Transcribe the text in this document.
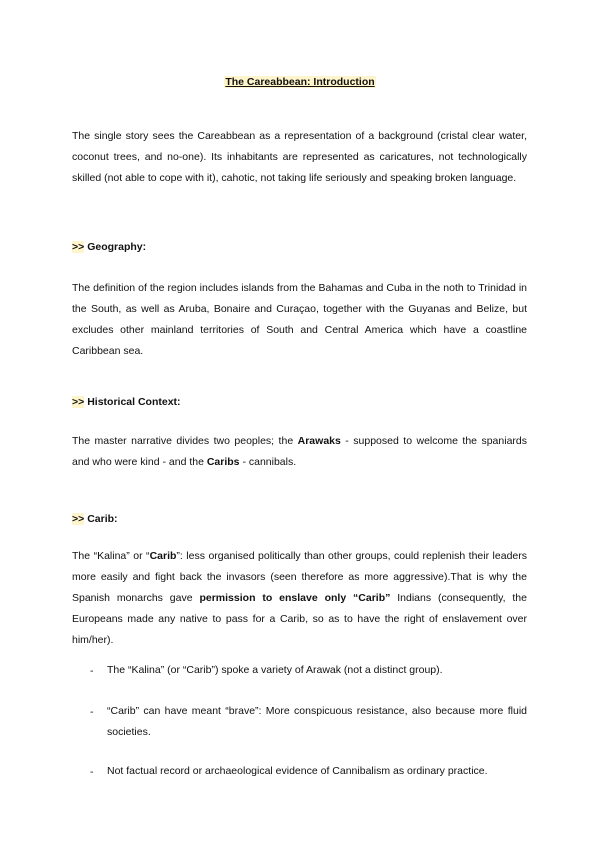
The Careabbean: Introduction
The single story sees the Careabbean as a representation of a background (cristal clear water, coconut trees, and no-one). Its inhabitants are represented as caricatures, not technologically skilled (not able to cope with it), cahotic, not taking life seriously and speaking broken language.
>> Geography:
The definition of the region includes islands from the Bahamas and Cuba in the noth to Trinidad in the South, as well as Aruba, Bonaire and Curaçao, together with the Guyanas and Belize, but excludes other mainland territories of South and Central America which have a coastline Caribbean sea.
>> Historical Context:
The master narrative divides two peoples; the Arawaks - supposed to welcome the spaniards and who were kind - and the Caribs - cannibals.
>> Carib:
The “Kalina” or “Carib”: less organised politically than other groups, could replenish their leaders more easily and fight back the invasors (seen therefore as more aggressive).That is why the Spanish monarchs gave permission to enslave only “Carib” Indians (consequently, the Europeans made any native to pass for a Carib, so as to have the right of enslavement over him/her).
- The “Kalina” (or “Carib”) spoke a variety of Arawak (not a distinct group).
- “Carib” can have meant “brave”: More conspicuous resistance, also because more fluid societies.
- Not factual record or archaeological evidence of Cannibalism as ordinary practice.
